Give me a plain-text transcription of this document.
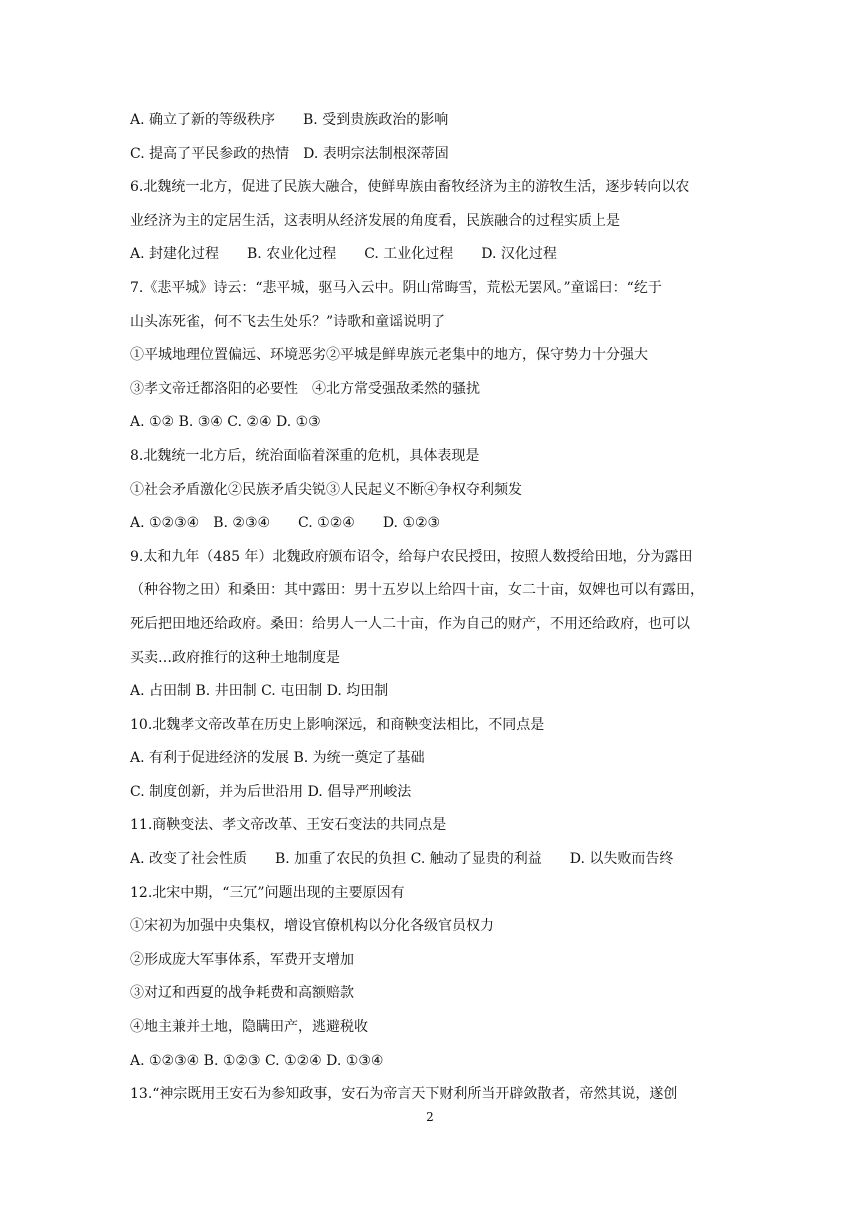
A. 确立了新的等级秩序　　B. 受到贵族政治的影响
C. 提高了平民参政的热情　D. 表明宗法制根深蒂固
6.北魏统一北方，促进了民族大融合，使鲜卑族由畜牧经济为主的游牧生活，逐步转向以农
业经济为主的定居生活，这表明从经济发展的角度看，民族融合的过程实质上是
A. 封建化过程　　B. 农业化过程　　C. 工业化过程　　D. 汉化过程
7.《悲平城》诗云：“悲平城，驱马入云中。阴山常晦雪，荒松无罢风。”童谣曰：“纥于
山头冻死雀，何不飞去生处乐？”诗歌和童谣说明了
①平城地理位置偏远、环境恶劣②平城是鲜卑族元老集中的地方，保守势力十分强大
③孝文帝迁都洛阳的必要性　④北方常受强敌柔然的骚扰
A. ①② B. ③④ C. ②④ D. ①③
8.北魏统一北方后，统治面临着深重的危机，具体表现是
①社会矛盾激化②民族矛盾尖锐③人民起义不断④争权夺利频发
A. ①②③④　B. ②③④　　C. ①②④　　D. ①②③
9.太和九年（485 年）北魏政府颁布诏令，给每户农民授田，按照人数授给田地，分为露田
（种谷物之田）和桑田：其中露田：男十五岁以上给四十亩，女二十亩，奴婢也可以有露田，
死后把田地还给政府。桑田：给男人一人二十亩，作为自己的财产，不用还给政府，也可以
买卖…政府推行的这种土地制度是
A. 占田制 B. 井田制 C. 屯田制 D. 均田制
10.北魏孝文帝改革在历史上影响深远，和商鞅变法相比，不同点是
A. 有利于促进经济的发展 B. 为统一奠定了基础
C. 制度创新，并为后世沿用 D. 倡导严刑峻法
11.商鞅变法、孝文帝改革、王安石变法的共同点是
A. 改变了社会性质　　B. 加重了农民的负担 C. 触动了显贵的利益　　D. 以失败而告终
12.北宋中期，“三冗”问题出现的主要原因有
①宋初为加强中央集权，增设官僚机构以分化各级官员权力
②形成庞大军事体系，军费开支增加
③对辽和西夏的战争耗费和高额赔款
④地主兼并土地，隐瞒田产，逃避税收
A. ①②③④ B. ①②③ C. ①②④ D. ①③④
13.“神宗既用王安石为参知政事，安石为帝言天下财利所当开辟敛散者，帝然其说，遂创
2
